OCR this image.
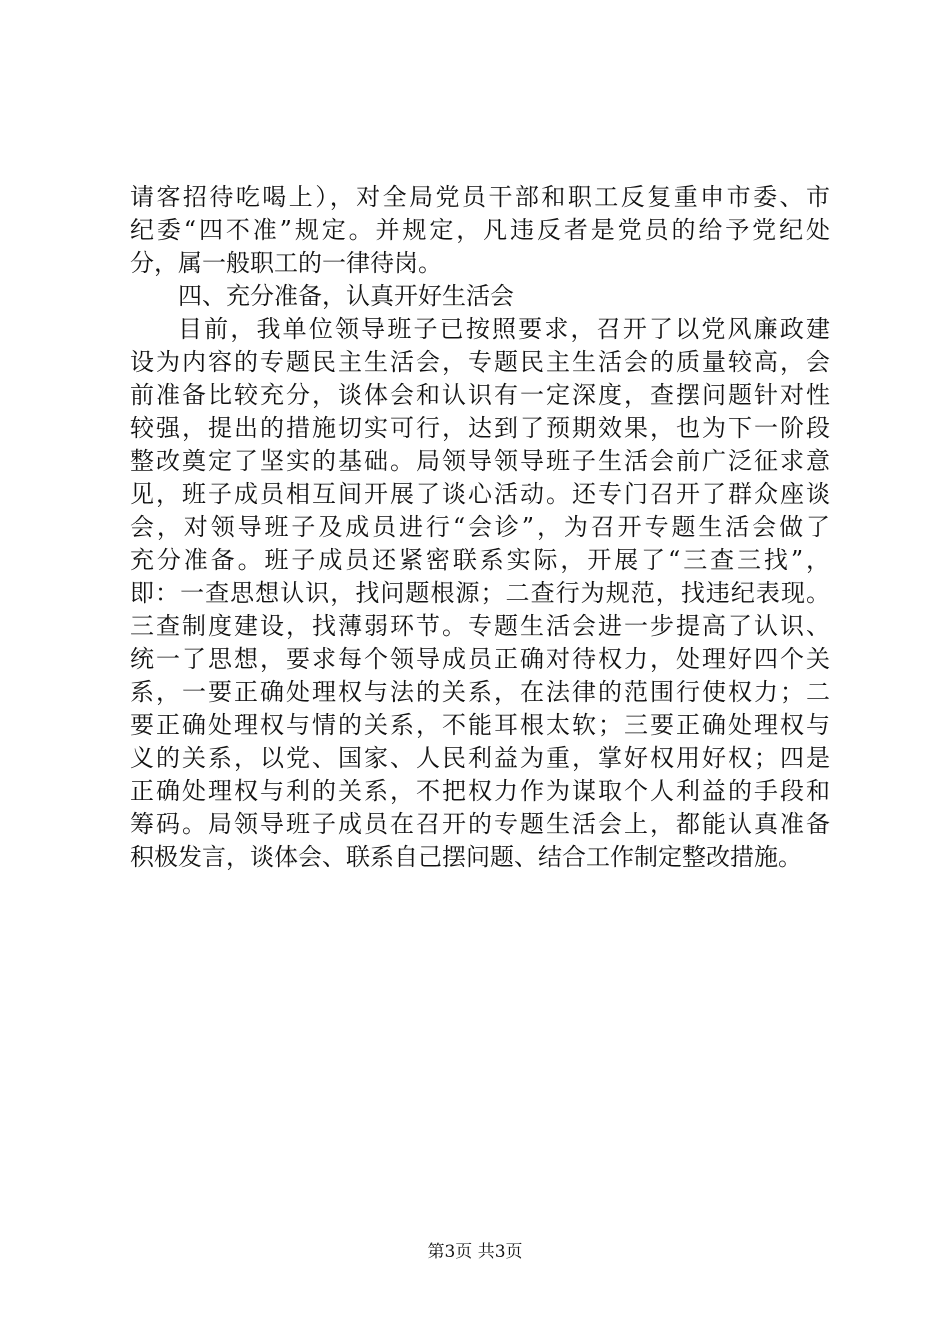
请客招待吃喝上），对全局党员干部和职工反复重申市委、市
纪委“四不准”规定。并规定，凡违反者是党员的给予党纪处
分，属一般职工的一律待岗。
四、充分准备，认真开好生活会
目前，我单位领导班子已按照要求，召开了以党风廉政建
设为内容的专题民主生活会，专题民主生活会的质量较高，会
前准备比较充分，谈体会和认识有一定深度，查摆问题针对性
较强，提出的措施切实可行，达到了预期效果，也为下一阶段
整改奠定了坚实的基础。局领导领导班子生活会前广泛征求意
见，班子成员相互间开展了谈心活动。还专门召开了群众座谈
会，对领导班子及成员进行“会诊”，为召开专题生活会做了
充分准备。班子成员还紧密联系实际，开展了“三查三找”，
即：一查思想认识，找问题根源；二查行为规范，找违纪表现。
三查制度建设，找薄弱环节。专题生活会进一步提高了认识、
统一了思想，要求每个领导成员正确对待权力，处理好四个关
系，一要正确处理权与法的关系，在法律的范围行使权力；二
要正确处理权与情的关系，不能耳根太软；三要正确处理权与
义的关系，以党、国家、人民利益为重，掌好权用好权；四是
正确处理权与利的关系，不把权力作为谋取个人利益的手段和
筹码。局领导班子成员在召开的专题生活会上，都能认真准备
积极发言，谈体会、联系自己摆问题、结合工作制定整改措施。
第3页 共3页
